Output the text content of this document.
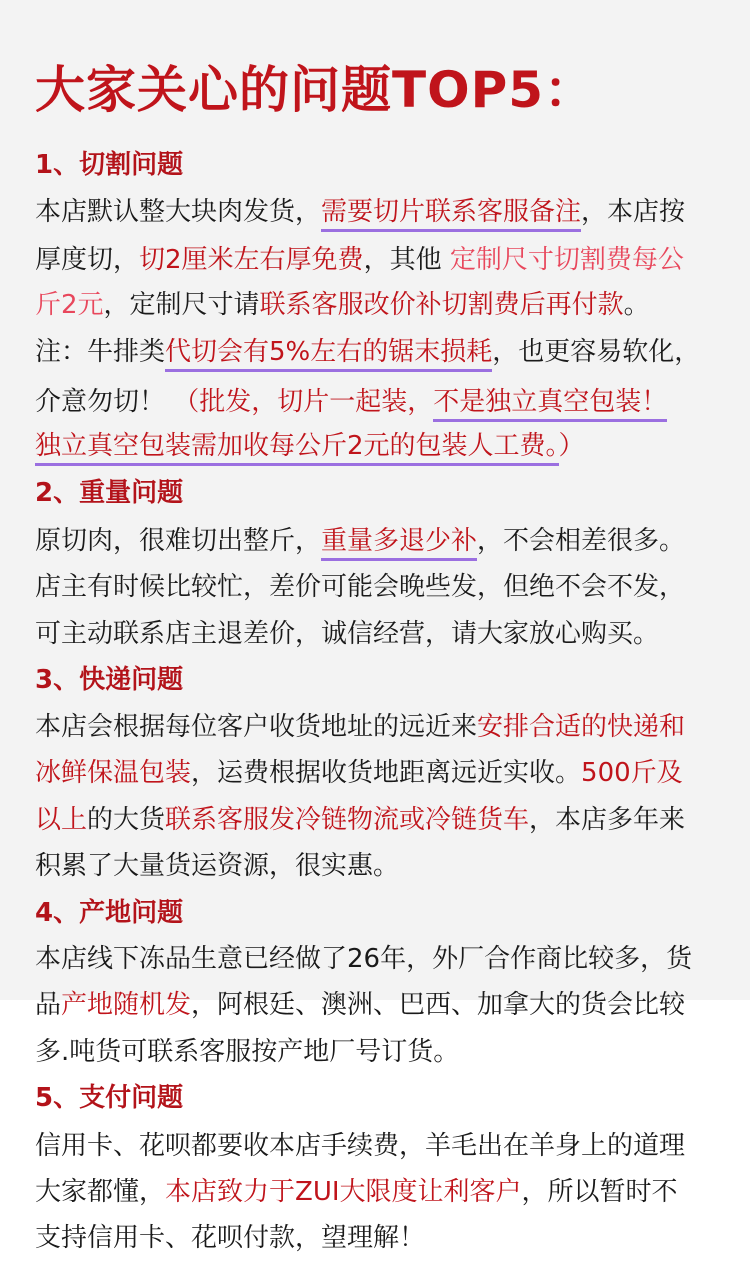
大家关心的问题TOP5：
1、切割问题
本店默认整大块肉发货，需要切片联系客服备注，本店按
厚度切，切2厘米左右厚免费，其他 定制尺寸切割费每公
斤2元，定制尺寸请联系客服改价补切割费后再付款。
注：牛排类代切会有5%左右的锯末损耗，也更容易软化，
介意勿切！ （批发，切片一起装，不是独立真空包装！
独立真空包装需加收每公斤2元的包装人工费。）
2、重量问题
原切肉，很难切出整斤，重量多退少补，不会相差很多。
店主有时候比较忙，差价可能会晚些发，但绝不会不发，
可主动联系店主退差价，诚信经营，请大家放心购买。
3、快递问题
本店会根据每位客户收货地址的远近来安排合适的快递和
冰鲜保温包装，运费根据收货地距离远近实收。500斤及
以上的大货联系客服发冷链物流或冷链货车，本店多年来
积累了大量货运资源，很实惠。
4、产地问题
本店线下冻品生意已经做了26年，外厂合作商比较多，货
品产地随机发，阿根廷、澳洲、巴西、加拿大的货会比较
多.吨货可联系客服按产地厂号订货。
5、支付问题
信用卡、花呗都要收本店手续费，羊毛出在羊身上的道理
大家都懂，本店致力于ZUI大限度让利客户，所以暂时不
支持信用卡、花呗付款，望理解！
